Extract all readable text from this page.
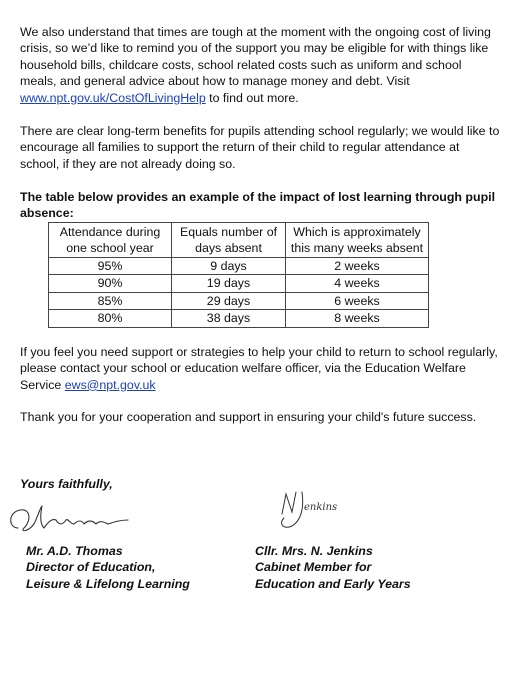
We also understand that times are tough at the moment with the ongoing cost of living crisis, so we’d like to remind you of the support you may be eligible for with things like household bills, childcare costs, school related costs such as uniform and school meals, and general advice about how to manage money and debt. Visit www.npt.gov.uk/CostOfLivingHelp to find out more.

There are clear long-term benefits for pupils attending school regularly; we would like to encourage all families to support the return of their child to regular attendance at school, if they are not already doing so.

The table below provides an example of the impact of lost learning through pupil absence:

Attendance during one school year	Equals number of days absent	Which is approximately this many weeks absent
95%	9 days	2 weeks
90%	19 days	4 weeks
85%	29 days	6 weeks
80%	38 days	8 weeks

If you feel you need support or strategies to help your child to return to school regularly, please contact your school or education welfare officer, via the Education Welfare Service ews@npt.gov.uk

Thank you for your cooperation and support in ensuring your child's future success.

Yours faithfully,

enkins
Mr. A.D. Thomas
Director of Education,
Leisure & Lifelong Learning
Cllr. Mrs. N. Jenkins
Cabinet Member for
Education and Early Years
